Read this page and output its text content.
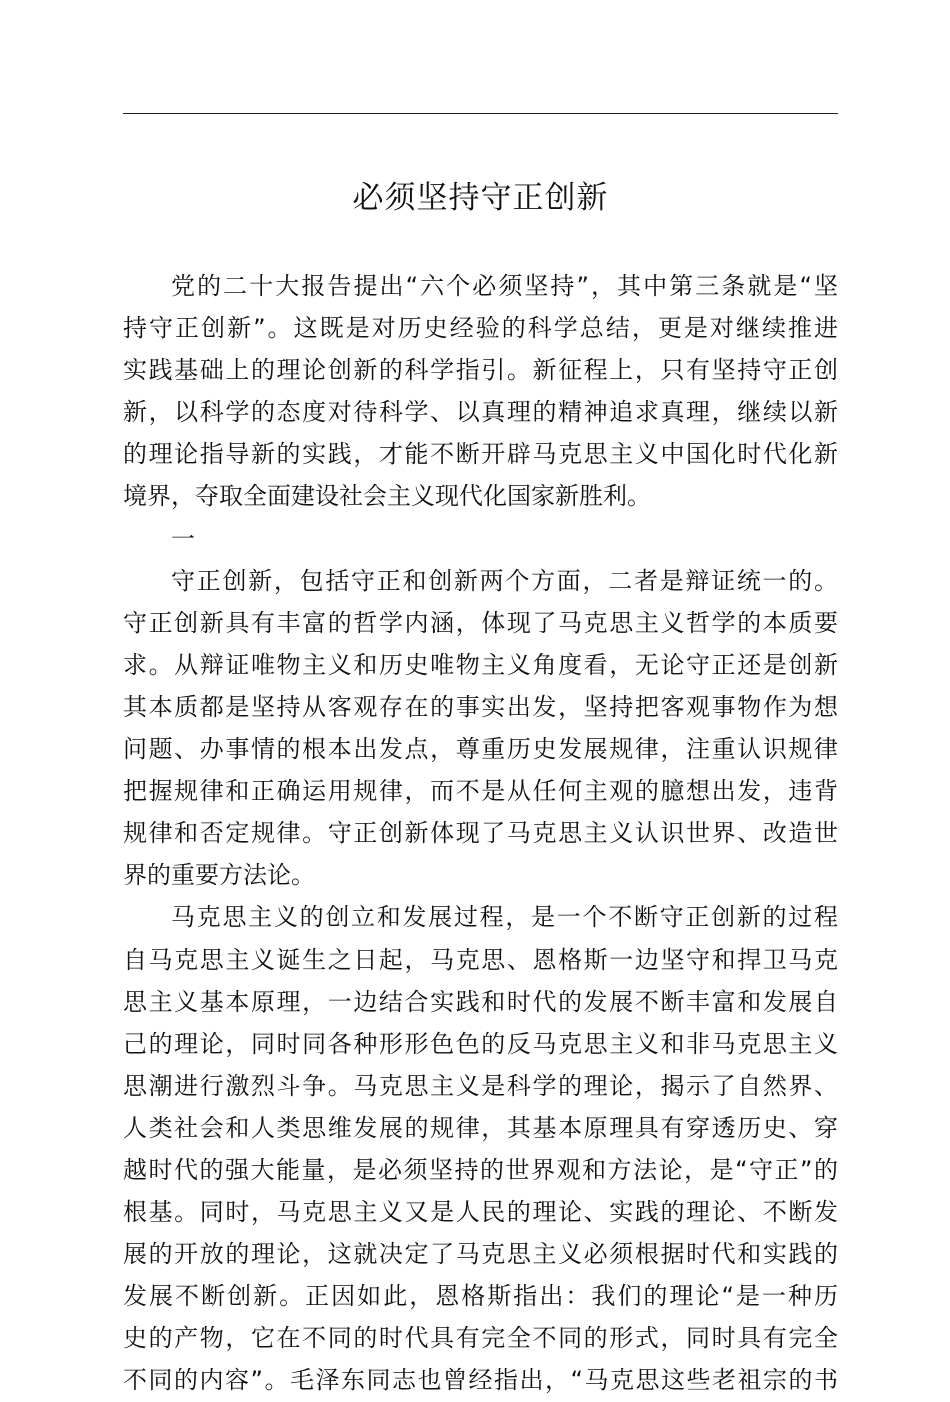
必须坚持守正创新
党的二十大报告提出“六个必须坚持”，其中第三条就是“坚
持守正创新”。这既是对历史经验的科学总结，更是对继续推进
实践基础上的理论创新的科学指引。新征程上，只有坚持守正创
新，以科学的态度对待科学、以真理的精神追求真理，继续以新
的理论指导新的实践，才能不断开辟马克思主义中国化时代化新
境界，夺取全面建设社会主义现代化国家新胜利。
一
守正创新，包括守正和创新两个方面，二者是辩证统一的。
守正创新具有丰富的哲学内涵，体现了马克思主义哲学的本质要
求。从辩证唯物主义和历史唯物主义角度看，无论守正还是创新
其本质都是坚持从客观存在的事实出发，坚持把客观事物作为想
问题、办事情的根本出发点，尊重历史发展规律，注重认识规律
把握规律和正确运用规律，而不是从任何主观的臆想出发，违背
规律和否定规律。守正创新体现了马克思主义认识世界、改造世
界的重要方法论。
马克思主义的创立和发展过程，是一个不断守正创新的过程
自马克思主义诞生之日起，马克思、恩格斯一边坚守和捍卫马克
思主义基本原理，一边结合实践和时代的发展不断丰富和发展自
己的理论，同时同各种形形色色的反马克思主义和非马克思主义
思潮进行激烈斗争。马克思主义是科学的理论，揭示了自然界、
人类社会和人类思维发展的规律，其基本原理具有穿透历史、穿
越时代的强大能量，是必须坚持的世界观和方法论，是“守正”的
根基。同时，马克思主义又是人民的理论、实践的理论、不断发
展的开放的理论，这就决定了马克思主义必须根据时代和实践的
发展不断创新。正因如此，恩格斯指出：我们的理论“是一种历
史的产物，它在不同的时代具有完全不同的形式，同时具有完全
不同的内容”。毛泽东同志也曾经指出，“马克思这些老祖宗的书
